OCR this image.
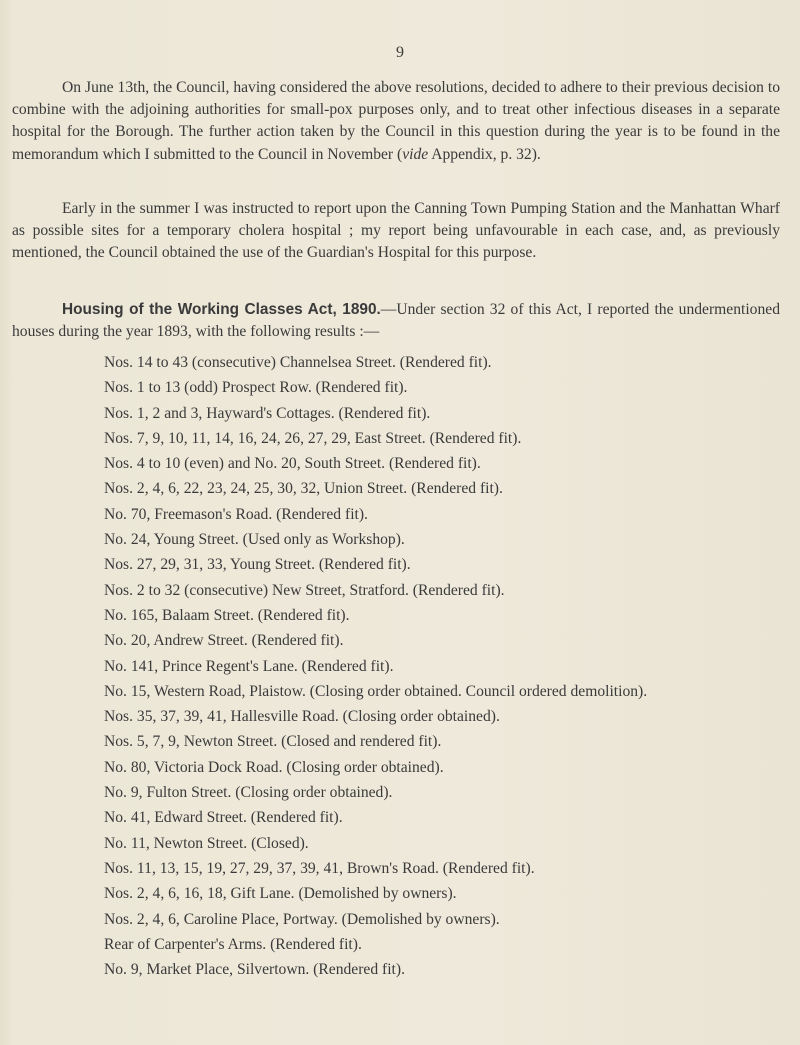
9
On June 13th, the Council, having considered the above resolutions, decided to adhere to their previous decision to combine with the adjoining authorities for small-pox purposes only, and to treat other infectious diseases in a separate hospital for the Borough. The further action taken by the Council in this question during the year is to be found in the memorandum which I submitted to the Council in November (vide Appendix, p. 32).
Early in the summer I was instructed to report upon the Canning Town Pumping Station and the Manhattan Wharf as possible sites for a temporary cholera hospital ; my report being unfavourable in each case, and, as previously mentioned, the Council obtained the use of the Guardian's Hospital for this purpose.
Housing of the Working Classes Act, 1890.—Under section 32 of this Act, I reported the undermentioned houses during the year 1893, with the following results :—
Nos. 14 to 43 (consecutive) Channelsea Street. (Rendered fit).
Nos. 1 to 13 (odd) Prospect Row. (Rendered fit).
Nos. 1, 2 and 3, Hayward's Cottages. (Rendered fit).
Nos. 7, 9, 10, 11, 14, 16, 24, 26, 27, 29, East Street. (Rendered fit).
Nos. 4 to 10 (even) and No. 20, South Street. (Rendered fit).
Nos. 2, 4, 6, 22, 23, 24, 25, 30, 32, Union Street. (Rendered fit).
No. 70, Freemason's Road. (Rendered fit).
No. 24, Young Street. (Used only as Workshop).
Nos. 27, 29, 31, 33, Young Street. (Rendered fit).
Nos. 2 to 32 (consecutive) New Street, Stratford. (Rendered fit).
No. 165, Balaam Street. (Rendered fit).
No. 20, Andrew Street. (Rendered fit).
No. 141, Prince Regent's Lane. (Rendered fit).
No. 15, Western Road, Plaistow. (Closing order obtained. Council ordered demolition).
Nos. 35, 37, 39, 41, Hallesville Road. (Closing order obtained).
Nos. 5, 7, 9, Newton Street. (Closed and rendered fit).
No. 80, Victoria Dock Road. (Closing order obtained).
No. 9, Fulton Street. (Closing order obtained).
No. 41, Edward Street. (Rendered fit).
No. 11, Newton Street. (Closed).
Nos. 11, 13, 15, 19, 27, 29, 37, 39, 41, Brown's Road. (Rendered fit).
Nos. 2, 4, 6, 16, 18, Gift Lane. (Demolished by owners).
Nos. 2, 4, 6, Caroline Place, Portway. (Demolished by owners).
Rear of Carpenter's Arms. (Rendered fit).
No. 9, Market Place, Silvertown. (Rendered fit).
